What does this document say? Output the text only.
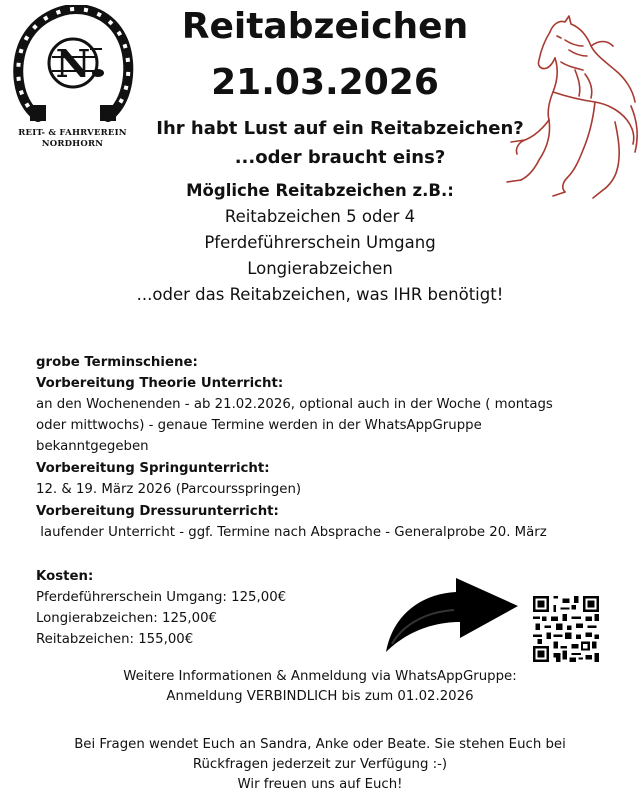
N
REIT- & FAHRVEREIN
NORDHORN
Reitabzeichen
21.03.2026
Ihr habt Lust auf ein Reitabzeichen?
...oder braucht eins?
Mögliche Reitabzeichen z.B.:
Reitabzeichen 5 oder 4
Pferdeführerschein Umgang
Longierabzeichen
...oder das Reitabzeichen, was IHR benötigt!
grobe Terminschiene:
Vorbereitung Theorie Unterricht:
an den Wochenenden - ab 21.02.2026, optional auch in der Woche ( montags
oder mittwochs) - genaue Termine werden in der WhatsAppGruppe
bekanntgegeben
Vorbereitung Springunterricht:
12. & 19. März 2026 (Parcoursspringen)
Vorbereitung Dressurunterricht:
laufender Unterricht - ggf. Termine nach Absprache - Generalprobe 20. März
Kosten:
Pferdeführerschein Umgang: 125,00€
Longierabzeichen: 125,00€
Reitabzeichen: 155,00€
Weitere Informationen & Anmeldung via WhatsAppGruppe:
Anmeldung VERBINDLICH bis zum 01.02.2026
Bei Fragen wendet Euch an Sandra, Anke oder Beate. Sie stehen Euch bei
Rückfragen jederzeit zur Verfügung :-)
Wir freuen uns auf Euch!
